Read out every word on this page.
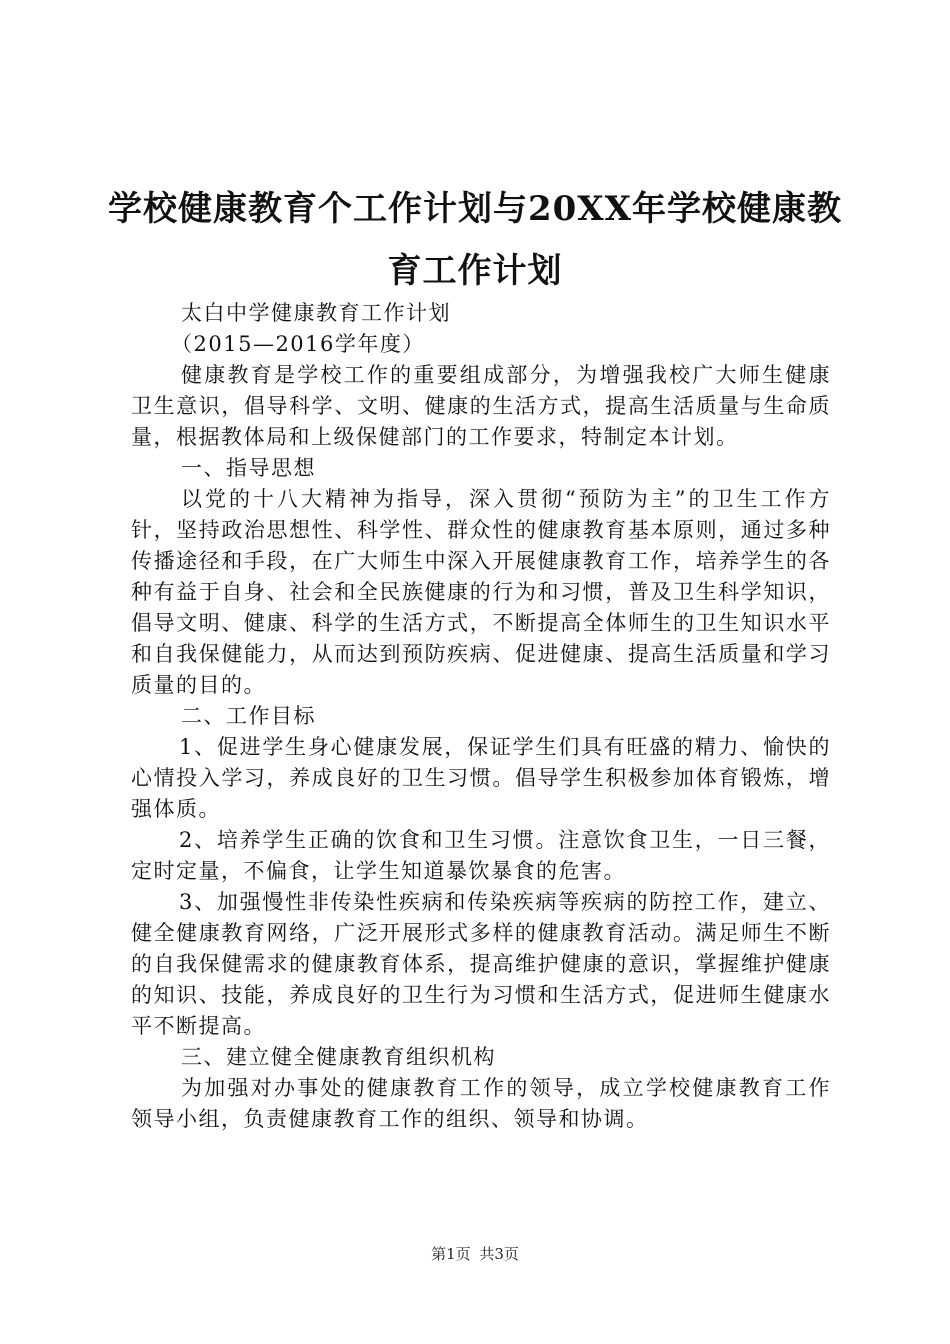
学校健康教育个工作计划与20XX年学校健康教育工作计划

太白中学健康教育工作计划

（2015—2016学年度）

健康教育是学校工作的重要组成部分，为增强我校广大师生健康卫生意识，倡导科学、文明、健康的生活方式，提高生活质量与生命质量，根据教体局和上级保健部门的工作要求，特制定本计划。

一、指导思想

以党的十八大精神为指导，深入贯彻“预防为主”的卫生工作方针，坚持政治思想性、科学性、群众性的健康教育基本原则，通过多种传播途径和手段，在广大师生中深入开展健康教育工作，培养学生的各种有益于自身、社会和全民族健康的行为和习惯，普及卫生科学知识，倡导文明、健康、科学的生活方式，不断提高全体师生的卫生知识水平和自我保健能力，从而达到预防疾病、促进健康、提高生活质量和学习质量的目的。

二、工作目标

1、促进学生身心健康发展，保证学生们具有旺盛的精力、愉快的心情投入学习，养成良好的卫生习惯。倡导学生积极参加体育锻炼，增强体质。

2、培养学生正确的饮食和卫生习惯。注意饮食卫生，一日三餐，定时定量，不偏食，让学生知道暴饮暴食的危害。

3、加强慢性非传染性疾病和传染疾病等疾病的防控工作，建立、健全健康教育网络，广泛开展形式多样的健康教育活动。满足师生不断的自我保健需求的健康教育体系，提高维护健康的意识，掌握维护健康的知识、技能，养成良好的卫生行为习惯和生活方式，促进师生健康水平不断提高。

三、建立健全健康教育组织机构

为加强对办事处的健康教育工作的领导，成立学校健康教育工作领导小组，负责健康教育工作的组织、领导和协调。

第1页 共3页
